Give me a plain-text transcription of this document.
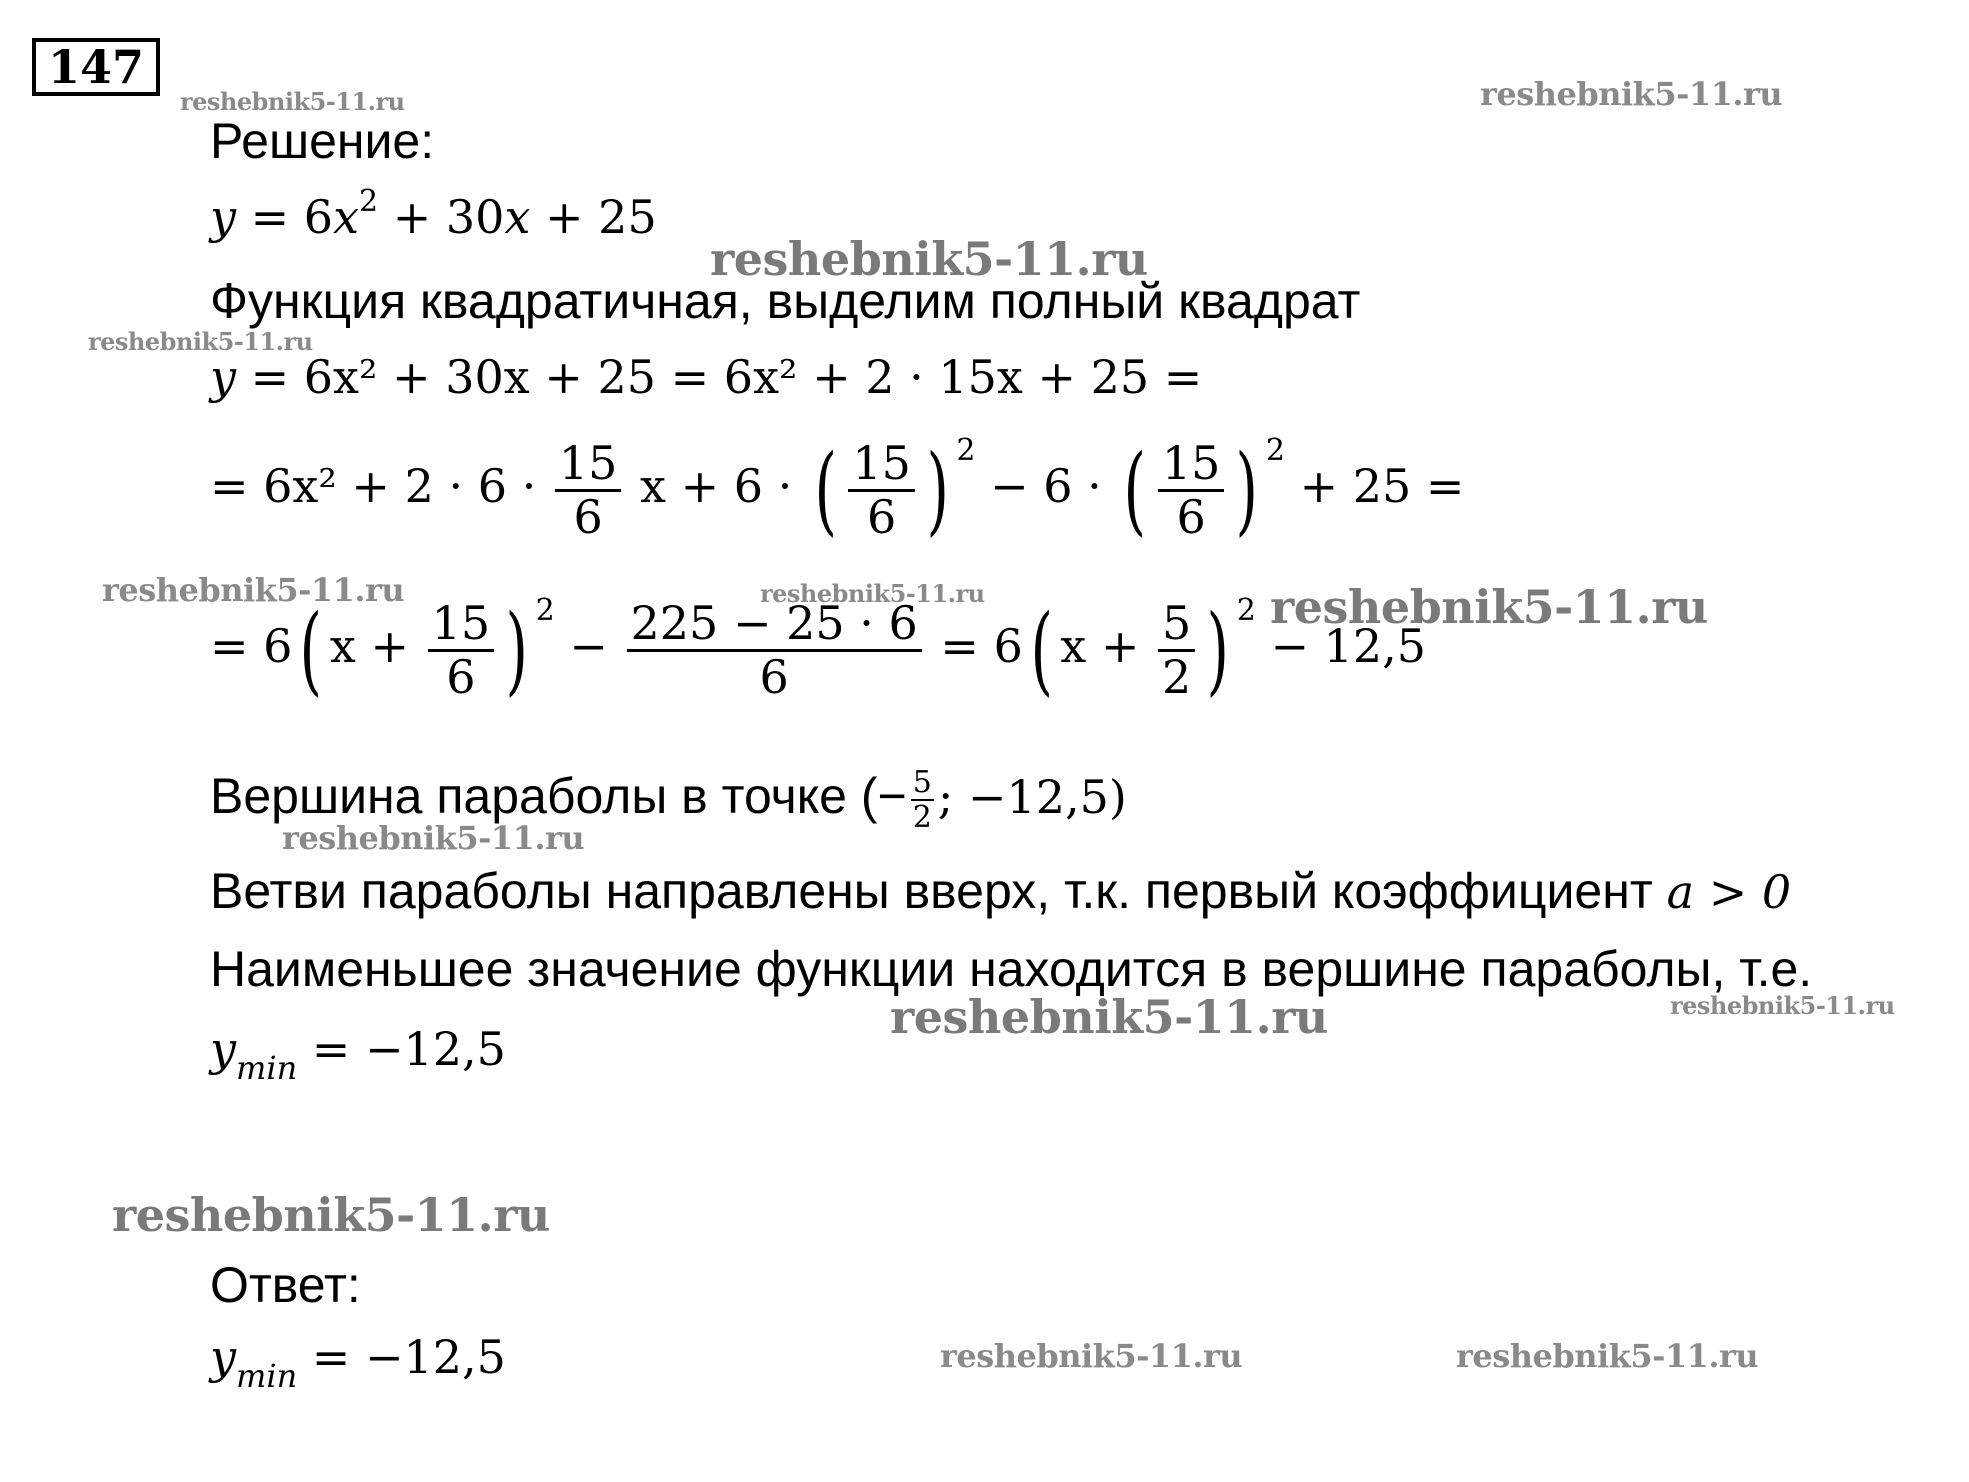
147
reshebnik5-11.ru	reshebnik5-11.ru
reshebnik5-11.ru
reshebnik5-11.ru
reshebnik5-11.ru	reshebnik5-11.ru	reshebnik5-11.ru
reshebnik5-11.ru
reshebnik5-11.ru	reshebnik5-11.ru
reshebnik5-11.ru
reshebnik5-11.ru	reshebnik5-11.ru
Решение:
$y = 6x^2 + 30x + 25$
Функция квадратичная, выделим полный квадрат
y = 6x² + 30x + 25 = 6x² + 2 · 15x + 25 =
= $6x^2 + 2 \cdot 6 \cdot \frac{15}{6}$ x + 6 · ( $\frac{15}{6}$ ) 2 − 6 · ( $\frac{15}{6}$ ) 2 + 25 =
= 6( $x + \frac{15}{6}$ ) $2 - \frac{225 - 25 \cdot 6}{6} = 6$( $x + \frac{5}{2}$ ) 2 − 12,5
Вершина параболы в точке (− $\frac{5}{2}$ ; −12,5)
Ветви параболы направлены вверх, т.к. первый коэффициент a > 0
Наименьшее значение функции находится в вершине параболы, т.е.
$y_{min} = -12,5$
Ответ:
$y_{min} = -12,5$
